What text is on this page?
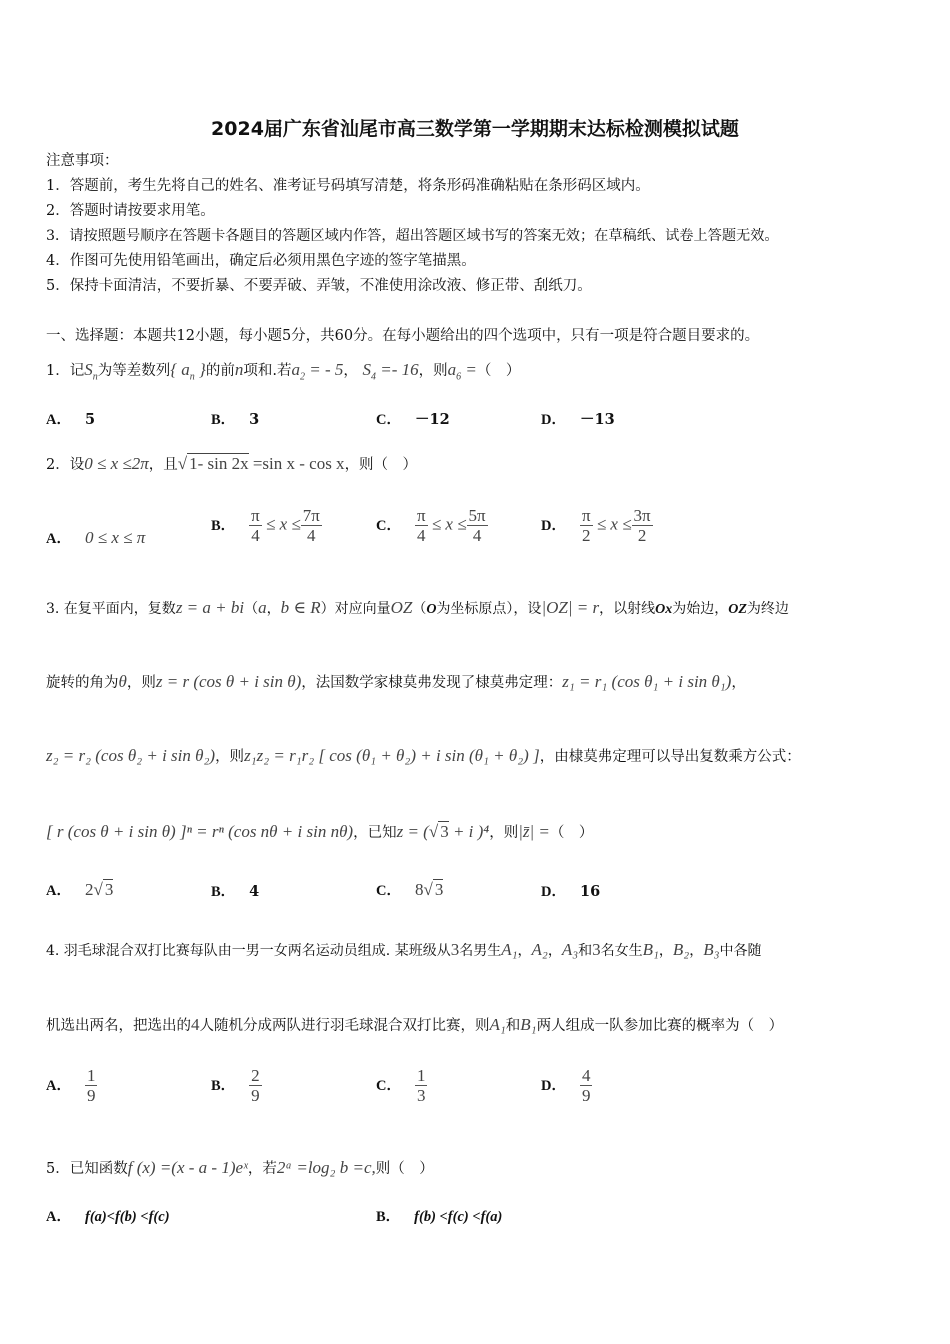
2024届广东省汕尾市高三数学第一学期期末达标检测模拟试题
注意事项：
1．答题前，考生先将自己的姓名、准考证号码填写清楚，将条形码准确粘贴在条形码区域内。
2．答题时请按要求用笔。
3．请按照题号顺序在答题卡各题目的答题区域内作答，超出答题区域书写的答案无效；在草稿纸、试卷上答题无效。
4．作图可先使用铅笔画出，确定后必须用黑色字迹的签字笔描黑。
5．保持卡面清洁，不要折暴、不要弄破、弄皱，不准使用涂改液、修正带、刮纸刀。
一、选择题：本题共12小题，每小题5分，共60分。在每小题给出的四个选项中，只有一项是符合题目要求的。
1．记$S_n$为等差数列{ $a_n$ }的前n项和.若$a_2$ = - 5， $S_4 =- 16$，则$a_6$ =（　）
A． 5	B． 3	C． －12	D． －13
2．设0 ≤ x ≤2π，且√ 1- sin 2x =sin x - cos x，则（　）
A． 0 ≤ x ≤ π
B． $\frac{\pi}{4} \le x \le \frac{7\pi}{4}$	C． $\frac{\pi}{4} \le x \le \frac{5\pi}{4}$	D． $\frac{\pi}{2} \le x \le \frac{3\pi}{2}$
3. 在复平面内，复数z = a + bi（a，b ∈ R）对应向量OZ（O为坐标原点），设|OZ| = r，以射线Ox为始边，OZ为终边
旋转的角为θ，则z = r (cos θ + i sin θ)，法国数学家棣莫弗发现了棣莫弗定理：z₁ = r₁ (cos θ₁ + i sin θ₁)，
z₂ = r₂ (cos θ₂ + i sin θ₂)，则z₁z₂ = r₁r₂ [ cos (θ₁ + θ₂) + i sin (θ₁ + θ₂) ]，由棣莫弗定理可以导出复数乘方公式：
[ r (cos θ + i sin θ) ]ⁿ = rⁿ (cos nθ + i sin nθ)，已知z = (√ 3 + i )⁴，则|z̄| =（　）
A． 2√ 3	B． 4	C． 8√ 3	D． 16
4. 羽毛球混合双打比赛每队由一男一女两名运动员组成. 某班级从3名男生A₁，A₂，A₃和3名女生B₁，B₂，B₃中各随
机选出两名，把选出的4人随机分成两队进行羽毛球混合双打比赛，则A₁和B₁两人组成一队参加比赛的概率为（　）
A． $\frac{1}{9}$	B． $\frac{2}{9}$	C． $\frac{1}{3}$	D． $\frac{4}{9}$
5．已知函数f (x) =(x - a - 1)eˣ，若2ᵃ =log₂ b =c,则（　）
A． f(a)<f(b) <f(c)	B． f(b) <f(c) <f(a)
